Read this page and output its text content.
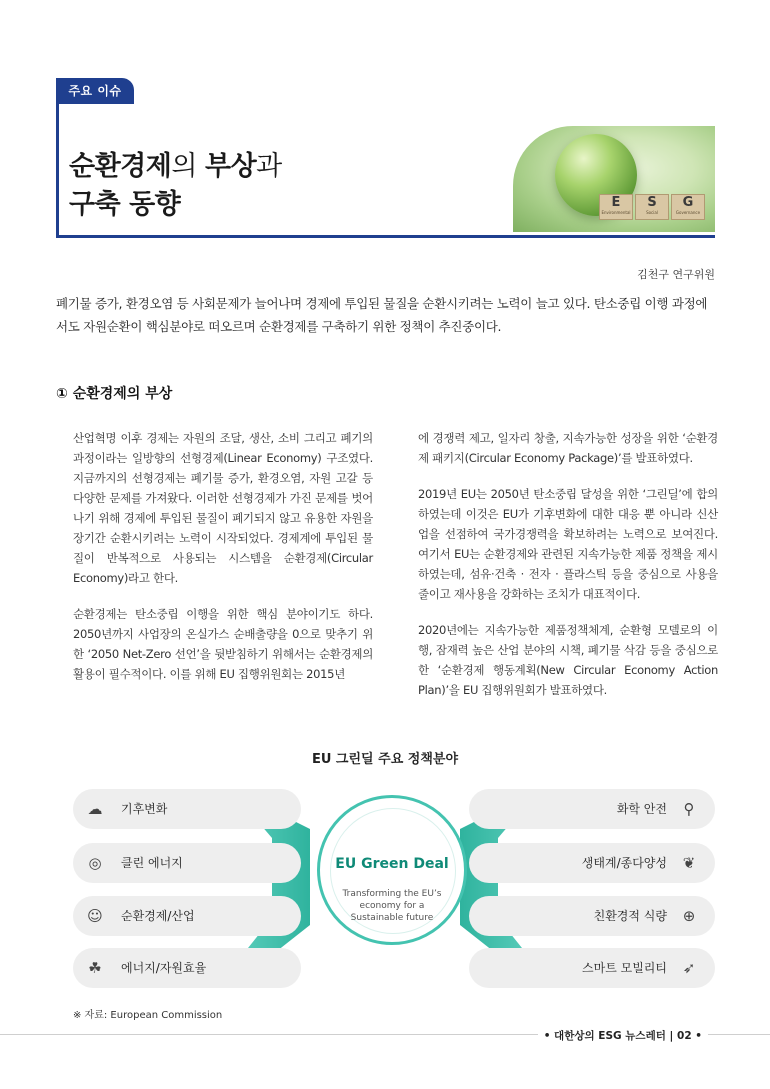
주요 이슈
순환경제의 부상과
구축 동향	E
Environmental
S
Social
G
Governance
김천구 연구위원
폐기물 증가, 환경오염 등 사회문제가 늘어나며 경제에 투입된 물질을 순환시키려는 노력이 늘고 있다. 탄소중립 이행 과정에서도 자원순환이 핵심분야로 떠오르며 순환경제를 구축하기 위한 정책이 추진중이다.
① 순환경제의 부상

산업혁명 이후 경제는 자원의 조달, 생산, 소비 그리고 폐기의 과정이라는 일방향의 선형경제(Linear Economy) 구조였다. 지금까지의 선형경제는 폐기물 증가, 환경오염, 자원 고갈 등 다양한 문제를 가져왔다. 이러한 선형경제가 가진 문제를 벗어나기 위해 경제에 투입된 물질이 폐기되지 않고 유용한 자원을 장기간 순환시키려는 노력이 시작되었다. 경제계에 투입된 물질이 반복적으로 사용되는 시스템을 순환경제(Circular Economy)라고 한다.

순환경제는 탄소중립 이행을 위한 핵심 분야이기도 하다. 2050년까지 사업장의 온실가스 순배출량을 0으로 맞추기 위한 ‘2050 Net-Zero 선언’을 뒷받침하기 위해서는 순환경제의 활용이 필수적이다. 이를 위해 EU 집행위원회는 2015년

에 경쟁력 제고, 일자리 창출, 지속가능한 성장을 위한 ‘순환경제 패키지(Circular Economy Package)’를 발표하였다.

2019년 EU는 2050년 탄소중립 달성을 위한 ‘그린딜’에 합의하였는데 이것은 EU가 기후변화에 대한 대응 뿐 아니라 신산업을 선점하여 국가경쟁력을 확보하려는 노력으로 보여진다. 여기서 EU는 순환경제와 관련된 지속가능한 제품 정책을 제시하였는데, 섬유·건축 · 전자 · 플라스틱 등을 중심으로 사용을 줄이고 재사용을 강화하는 조치가 대표적이다.

2020년에는 지속가능한 제품정책체계, 순환형 모델로의 이행, 잠재력 높은 산업 분야의 시책, 폐기물 삭감 등을 중심으로 한 ‘순환경제 행동계획(New Circular Economy Action Plan)’을 EU 집행위원회가 발표하였다.

EU 그린딜 주요 정책분야
☁ 기후변화
◎ 클린 에너지
☺ 순환경제/산업
☘ 에너지/자원효율
⚲
화학 안전
❦
생태계/종다양성
⊕
친환경적 식량
➶
스마트 모빌리티
EU Green Deal
Transforming the EU’s economy for a Sustainable future
※ 자료: European Commission
• 대한상의 ESG 뉴스레터 | 02 •
